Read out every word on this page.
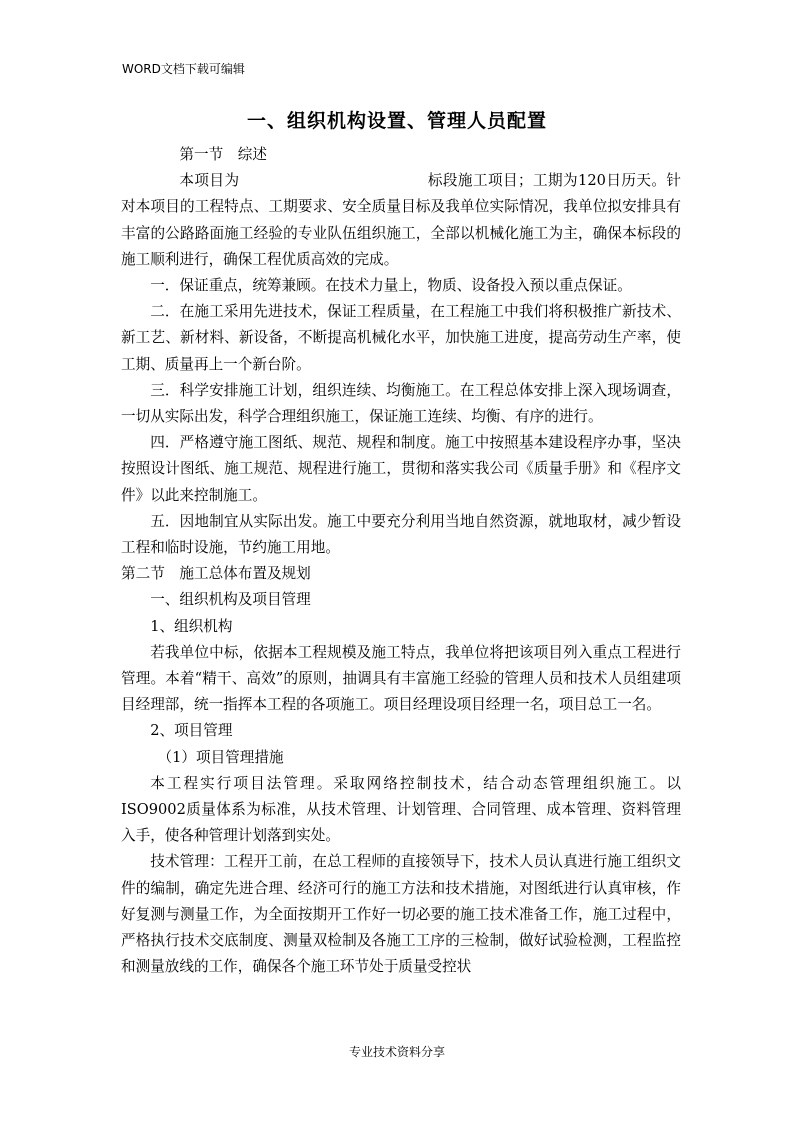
WORD文档下载可编辑
一、组织机构设置、管理人员配置

第一节　综述

本项目为	标段施工项目；工期为120日历天。针对本项目的工程特点、工期要求、安全质量目标及我单位实际情况，我单位拟安排具有丰富的公路路面施工经验的专业队伍组织施工，全部以机械化施工为主，确保本标段的施工顺利进行，确保工程优质高效的完成。

一．保证重点，统筹兼顾。在技术力量上，物质、设备投入预以重点保证。

二．在施工采用先进技术，保证工程质量，在工程施工中我们将积极推广新技术、新工艺、新材料、新设备，不断提高机械化水平，加快施工进度，提高劳动生产率，使工期、质量再上一个新台阶。

三．科学安排施工计划，组织连续、均衡施工。在工程总体安排上深入现场调查，一切从实际出发，科学合理组织施工，保证施工连续、均衡、有序的进行。

四．严格遵守施工图纸、规范、规程和制度。施工中按照基本建设程序办事，坚决按照设计图纸、施工规范、规程进行施工，贯彻和落实我公司《质量手册》和《程序文件》以此来控制施工。

五．因地制宜从实际出发。施工中要充分利用当地自然资源，就地取材，减少暂设工程和临时设施，节约施工用地。

第二节　施工总体布置及规划

一、组织机构及项目管理

1、组织机构

若我单位中标，依据本工程规模及施工特点，我单位将把该项目列入重点工程进行管理。本着“精干、高效”的原则，抽调具有丰富施工经验的管理人员和技术人员组建项目经理部，统一指挥本工程的各项施工。项目经理设项目经理一名，项目总工一名。

2、项目管理

（1）项目管理措施

本工程实行项目法管理。采取网络控制技术，结合动态管理组织施工。以ISO9002质量体系为标准，从技术管理、计划管理、合同管理、成本管理、资料管理入手，使各种管理计划落到实处。

技术管理：工程开工前，在总工程师的直接领导下，技术人员认真进行施工组织文件的编制，确定先进合理、经济可行的施工方法和技术措施，对图纸进行认真审核，作好复测与测量工作，为全面按期开工作好一切必要的施工技术准备工作，施工过程中，严格执行技术交底制度、测量双检制及各施工工序的三检制，做好试验检测，工程监控和测量放线的工作，确保各个施工环节处于质量受控状

专业技术资料分享
